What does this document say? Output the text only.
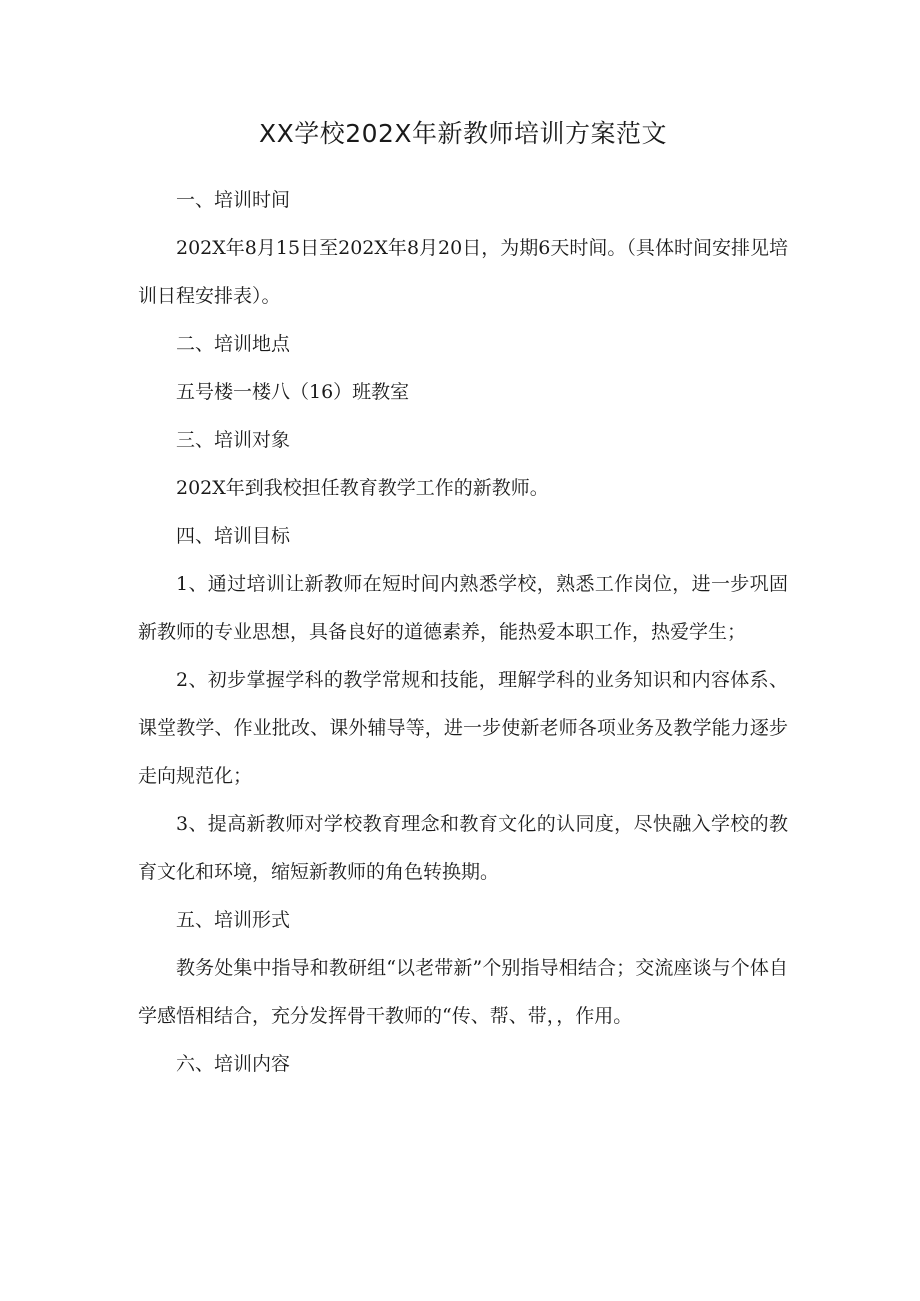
XX学校202X年新教师培训方案范文

一、培训时间

202X年8月15日至202X年8月20日，为期6天时间。（具体时间安排见培训日程安排表）。

二、培训地点

五号楼一楼八（16）班教室

三、培训对象

202X年到我校担任教育教学工作的新教师。

四、培训目标

1、通过培训让新教师在短时间内熟悉学校，熟悉工作岗位，进一步巩固新教师的专业思想，具备良好的道德素养，能热爱本职工作，热爱学生；

2、初步掌握学科的教学常规和技能，理解学科的业务知识和内容体系、课堂教学、作业批改、课外辅导等，进一步使新老师各项业务及教学能力逐步走向规范化；

3、提高新教师对学校教育理念和教育文化的认同度，尽快融入学校的教育文化和环境，缩短新教师的角色转换期。

五、培训形式

教务处集中指导和教研组“以老带新”个别指导相结合；交流座谈与个体自学感悟相结合，充分发挥骨干教师的“传、帮、带，，作用。

六、培训内容
